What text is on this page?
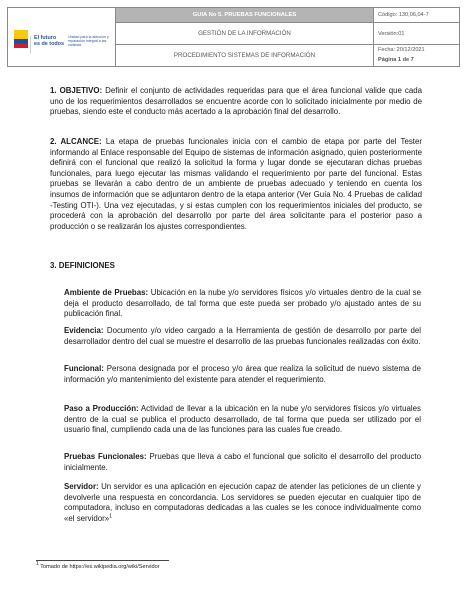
El futuro
es de todos
Unidad para la atención y reparación integral a las víctimas
GUIA No 5. PRUEBAS FUNCIONALES
GESTIÓN DE LA INFORMACIÓN
PROCEDIMIENTO SISTEMAS DE INFORMACIÓN
Código: 130,06,04-7
Versión:01
Fecha: 20/12/2021
Página 1 de 7
1. OBJETIVO: Definir el conjunto de actividades requeridas para que el área funcional valide que cada uno de los requerimientos desarrollados se encuentre acorde con lo solicitado inicialmente por medio de pruebas, siendo este el conducto más acertado a la aprobación final del desarrollo.
2. ALCANCE: La etapa de pruebas funcionales inicia con el cambio de etapa por parte del Tester informando al Enlace responsable del Equipo de sistemas de información asignado, quien posteriormente definirá con el funcional que realizó la solicitud la forma y lugar donde se ejecutaran dichas pruebas funcionales, para luego ejecutar las mismas validando el requerimiento por parte del funcional. Estas pruebas se llevarán a cabo dentro de un ambiente de pruebas adecuado y teniendo en cuenta los insumos de información que se adjuntaron dentro de la etapa anterior (Ver Guía No. 4 Pruebas de calidad -Testing OTI-). Una vez ejecutadas, y si estas cumplen con los requerimientos iniciales del producto, se procederá con la aprobación del desarrollo por parte del área solicitante para el posterior paso a producción o se realizarán los ajustes correspondientes.
3. DEFINICIONES
Ambiente de Pruebas: Ubicación en la nube y/o servidores físicos y/o virtuales dentro de la cual se deja el producto desarrollado, de tal forma que este pueda ser probado y/o ajustado antes de su publicación final.
Evidencia: Documento y/o video cargado a la Herramienta de gestión de desarrollo por parte del desarrollador dentro del cual se muestre el desarrollo de las pruebas funcionales realizadas con éxito.
Funcional: Persona designada por el proceso y/o área que realiza la solicitud de nuevo sistema de información y/o mantenimiento del existente para atender el requerimiento.
Paso a Producción: Actividad de llevar a la ubicación en la nube y/o servidores físicos y/o virtuales dentro de la cual se publica el producto desarrollado, de tal forma que pueda ser utilizado por el usuario final, cumpliendo cada una de las funciones para las cuales fue creado.
Pruebas Funcionales: Pruebas que lleva a cabo el funcional que solicito el desarrollo del producto inicialmente.
Servidor: Un servidor es una aplicación en ejecución capaz de atender las peticiones de un cliente y devolverle una respuesta en concordancia. Los servidores se pueden ejecutar en cualquier tipo de computadora, incluso en computadoras dedicadas a las cuales se les conoce individualmente como «el servidor»$^1$
$^1$ Tomado de https://es.wikipedia.org/wiki/Servidor
